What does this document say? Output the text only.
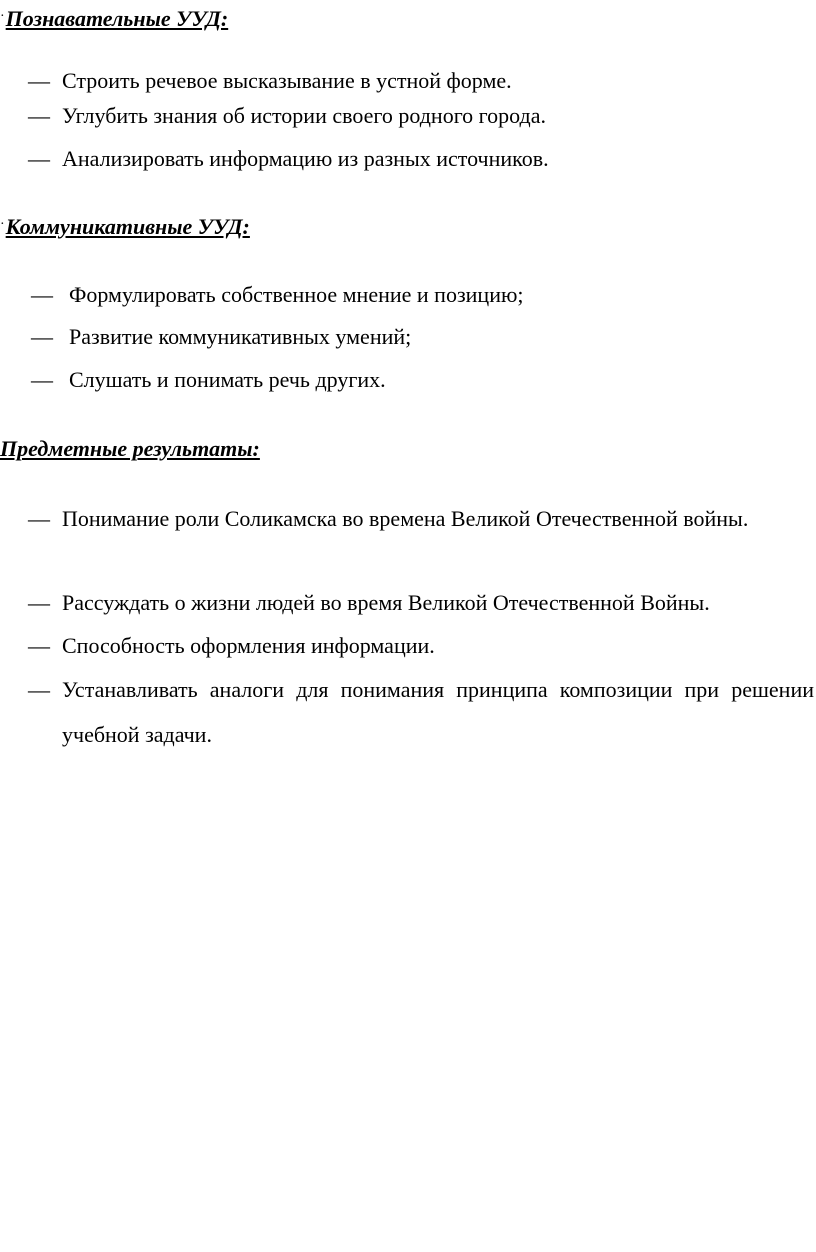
·Познавательные УУД:
— Строить речевое высказывание в устной форме.
— Углубить знания об истории своего родного города.
— Анализировать информацию из разных источников.
·Коммуникативные УУД:
— Формулировать собственное мнение и позицию;
— Развитие коммуникативных умений;
— Слушать и понимать речь других.
Предметные результаты:
— Понимание роли Соликамска во времена Великой Отечественной войны.
— Рассуждать о жизни людей во время Великой Отечественной Войны.
— Способность оформления информации.
— Устанавливать аналоги для понимания принципа композиции при решении учебной задачи.
